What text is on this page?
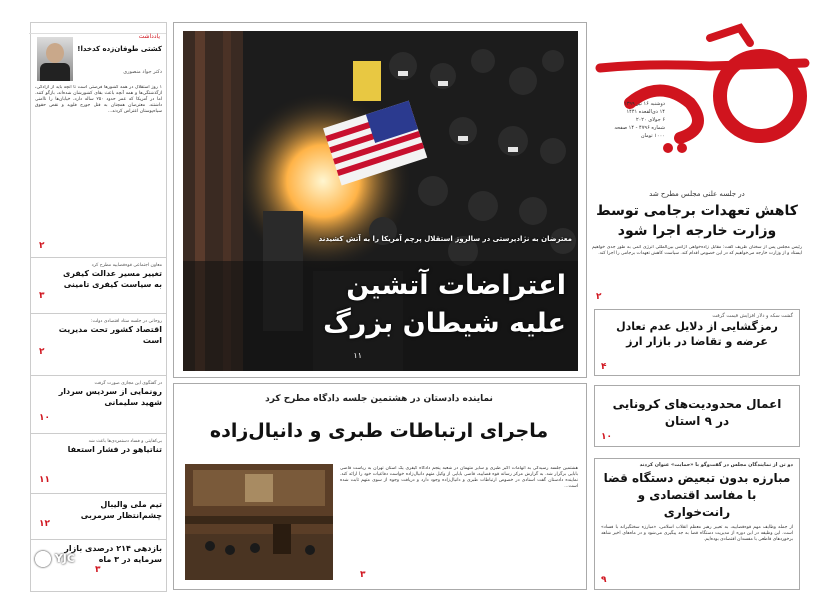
دوشنبه ۱۶ تیر ۱۳۹۹
۱۴ ذی‌القعده ۱۴۴۱
۶ جولای ۲۰۲۰
شماره ۴۷۹۶ - ۱۴ صفحه
۱۰۰۰ تومان
یادداشت
کشتی طوفان‌زده کدخدا!
دکتر جواد منصوری
۱ روز استقلال در همه کشورها فرصتی است تا آنچه باید از آزادگی، ازگذشتگی‌ها و همه آنچه باعث بقای کشورشان شده‌اند، بازگو کنند. اما در آمریکا که عمر حدود ۲۵۰ ساله دارد، خیابان‌ها را ناامنی داشتند. معترضان همچنان به قتل جورج فلوید و نقض حقوق سیاه‌پوستان اعتراض کردند...
۲
معاون اجتماعی قوه‌قضاییه مطرح کرد
تغییر مسیر عدالت کیفری به سیاست کیفری تامینی
۳
روحانی در جلسه ستاد اقتصادی دولت:
اقتصاد کشور تحت مدیریت است
۲
در گفتگوی این مجازی صورت گرفت
رونمایی از سردیس سردار شهید سلیمانی
۱۰
بی‌کفایتی و فساد دستمزدی‌ها باعث شد
تناتیاهو در فشار استعفا
۱۱
تیم ملی والیبال چشم‌انتظار سرمربی
۱۲
بازدهی ۲۱۴ درصدی بازار سرمایه در ۳ ماه
۳
YJC
معترضان به نژادپرستی در سالروز استقلال پرچم آمریکا را به آتش کشیدند
اعتراضات آتشین
علیه شیطان بزرگ
۱۱
نماینده دادستان در هشتمین جلسه دادگاه مطرح کرد
ماجرای ارتباطات طبری و دانیال‌زاده
هشتمین جلسه رسیدگی به اتهامات اکبر طبری و سایر متهمان در شعبه پنجم دادگاه کیفری یک استان تهران به ریاست قاضی بابایی برگزار شد. به گزارش مرکز رسانه قوه قضاییه، قاضی بابایی از وکیل متهم دانیال‌زاده خواست دفاعیات خود را ارائه کند. نماینده دادستان گفت اسنادی در خصوص ارتباطات طبری و دانیال‌زاده وجود دارد و دریافت وجوه از سوی متهم ثابت شده است...
۳
در جلسه علنی مجلس مطرح شد
کاهش تعهدات برجامی توسط وزارت خارجه اجرا شود
رئیس مجلس پس از سخنان ظریف گفت: مقابل زاده‌خواهی آژانس بین‌المللی انرژی اتمی به طور جدی خواهیم ایستاد و از وزارت خارجه می‌خواهیم که در این خصوص اقدام کند. سیاست کاهش تعهدات برجامی را اجرا کند.
۲
گشت سکه و دلار افزایش قیمت گرفت
رمزگشایی از دلایل عدم تعادل عرضه و تقاضا در بازار ارز
۴
اعمال محدودیت‌های کرونایی در ۹ استان
۱۰
دو تن از نمایندگان مجلس در گفت‌وگو با «حمایت» عنوان کردند
مبارزه بدون تبعیض دستگاه قضا با مفاسد اقتصادی و رانت‌خواری
از جمله وظایف مهم قوه‌قضاییه، به تعبیر رهبر معظم انقلاب اسلامی، «مبارزه سختگیرانه با فساد» است. این وظیفه در این دوره از مدیریت دستگاه قضا به جد پیگیری می‌شود و در ماه‌های اخیر شاهد برخوردهای قاطعی با مفسدان اقتصادی بوده‌ایم.
۹
